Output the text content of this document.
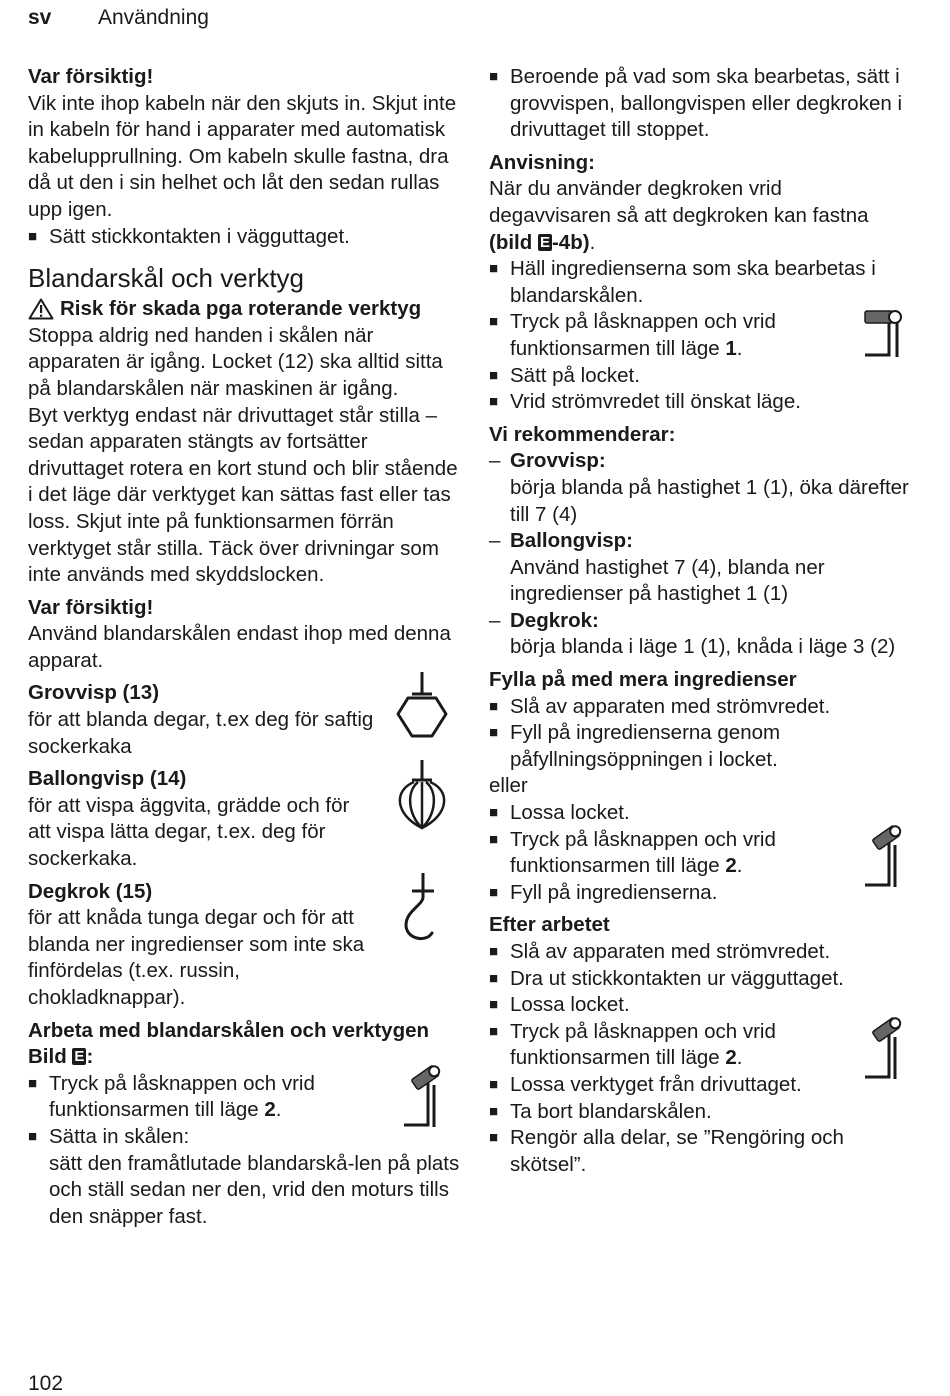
sv Användning

Var försiktig!

Vik inte ihop kabeln när den skjuts in. Skjut inte in kabeln för hand i apparater med automatisk kabelupprullning. Om kabeln skulle fastna, dra då ut den i sin helhet och låt den sedan rullas upp igen.

■ Sätt stickkontakten i vägguttaget.

Blandarskål och verktyg
Risk för skada pga roterande verktyg

Stoppa aldrig ned handen i skålen när apparaten är igång. Locket (12) ska alltid sitta på blandarskålen när maskinen är igång.

Byt verktyg endast när drivuttaget står stilla – sedan apparaten stängts av fortsätter drivuttaget rotera en kort stund och blir stående i det läge där verktyget kan sättas fast eller tas loss. Skjut inte på funktionsarmen förrän verktyget står stilla. Täck över drivningar som inte används med skyddslocken.

Var försiktig!

Använd blandarskålen endast ihop med denna apparat.

Grovvisp (13)

för att blanda degar, t.ex deg för saftig sockerkaka

Ballongvisp (14)

för att vispa äggvita, grädde och för att vispa lätta degar, t.ex. deg för sockerkaka.

Degkrok (15)

för att knåda tunga degar och för att blanda ner ingredienser som inte ska finfördelas (t.ex. russin, chokladknappar).

Arbeta med blandarskålen och verktygen
Bild E:

■ Tryck på låsknappen och vrid funktionsarmen till läge 2.

■ Sätta in skålen:

sätt den framåtlutade blandarskå-len på plats och ställ sedan ner den, vrid den moturs tills den snäpper fast.

■ Beroende på vad som ska bearbetas, sätt i grovvispen, ballongvispen eller degkroken i drivuttaget till stoppet.

Anvisning:

När du använder degkroken vrid degavvisaren så att degkroken kan fastna (bild E-4b).

■ Häll ingredienserna som ska bearbetas i blandarskålen.

■ Tryck på låsknappen och vrid funktionsarmen till läge 1.

■ Sätt på locket.

■ Vrid strömvredet till önskat läge.

Vi rekommenderar:

– Grovvisp:

börja blanda på hastighet 1 (1), öka därefter till 7 (4)

– Ballongvisp:

Använd hastighet 7 (4), blanda ner ingredienser på hastighet 1 (1)

– Degkrok:

börja blanda i läge 1 (1), knåda i läge 3 (2)

Fylla på med mera ingredienser

■ Slå av apparaten med strömvredet.

■ Fyll på ingredienserna genom påfyllningsöppningen i locket.

eller

■ Lossa locket.

■ Tryck på låsknappen och vrid funktionsarmen till läge 2.

■ Fyll på ingredienserna.

Efter arbetet

■ Slå av apparaten med strömvredet.

■ Dra ut stickkontakten ur vägguttaget.

■ Lossa locket.

■ Tryck på låsknappen och vrid funktionsarmen till läge 2.

■ Lossa verktyget från drivuttaget.

■ Ta bort blandarskålen.

■ Rengör alla delar, se ”Rengöring och skötsel”.

102
